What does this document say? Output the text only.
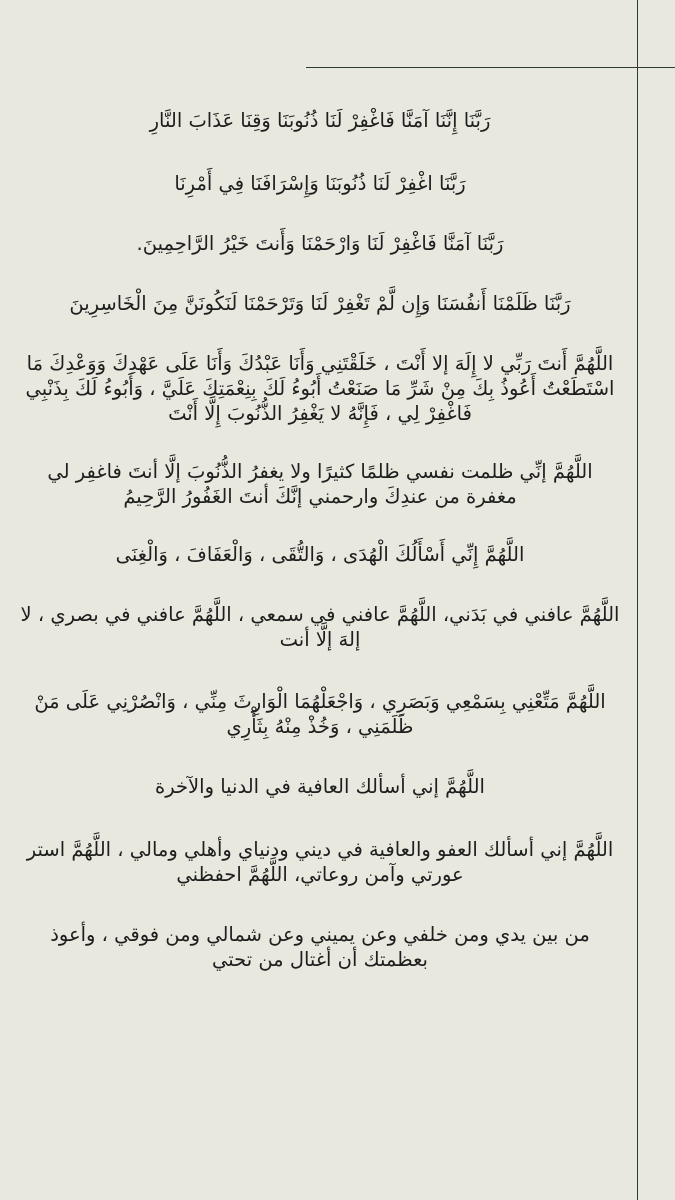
رَبَّنَا إِنَّنَا آمَنَّا فَاغْفِرْ لَنَا ذُنُوبَنَا وَقِنَا عَذَابَ النَّارِ

رَبَّنَا اغْفِرْ لَنَا ذُنُوبَنَا وَإِسْرَافَنَا فِي أَمْرِنَا

رَبَّنَا آمَنَّا فَاغْفِرْ لَنَا وَارْحَمْنَا وَأَنتَ خَيْرُ الرَّاحِمِينَ.

رَبَّنَا ظَلَمْنَا أَنفُسَنَا وَإِن لَّمْ تَغْفِرْ لَنَا وَتَرْحَمْنَا لَنَكُونَنَّ مِنَ الْخَاسِرِينَ

اللَّهُمَّ أَنتَ رَبِّي لا إِلَهَ إلا أَنْتَ ، خَلَقْتَنِي وَأَنَا عَبْدُكَ وَأَنَا عَلَى عَهْدِكَ وَوَعْدِكَ مَا اسْتَطَعْتُ أَعُوذُ بِكَ مِنْ شَرِّ مَا صَنَعْتُ أَبُوءُ لَكَ بِنِعْمَتِكَ عَلَيَّ ، وَأَبُوءُ لَكَ بِذَنْبِي فَاغْفِرْ لِي ، فَإِنَّهُ لا يَغْفِرُ الذُّنُوبَ إِلَّا أَنْتَ

اللَّهُمَّ إنِّي ظلمت نفسي ظلمًا كثيرًا ولا يغفرُ الذُّنُوبَ إلَّا أنتَ فاغفِر لي مغفرة من عندِكَ وارحمني إنَّكَ أنتَ الغَفُورُ الرَّحِيمُ

اللَّهُمَّ إِنِّي أَسْأَلُكَ الْهُدَى ، وَالتُّقَى ، وَالْعَفَافَ ، وَالْغِنَى

اللَّهُمَّ عافني في بَدَني، اللَّهُمَّ عافني في سمعي ، اللَّهُمَّ عافني في بصري ، لا إلهَ إلَّا أنت

اللَّهُمَّ مَتِّعْنِي بِسَمْعِي وَبَصَرِي ، وَاجْعَلْهُمَا الْوَارِثَ مِنِّي ، وَانْصُرْنِي عَلَى مَنْ ظَلَمَنِي ، وَخُذْ مِنْهُ بِثَأْرِي

اللَّهُمَّ إني أسألك العافية في الدنيا والآخرة

اللَّهُمَّ إني أسألك العفو والعافية في ديني ودنياي وأهلي ومالي ، اللَّهُمَّ استر عورتي وآمن روعاتي، اللَّهُمَّ احفظني

من بين يدي ومن خلفي وعن يميني وعن شمالي ومن فوقي ، وأعوذ بعظمتك أن أغتال من تحتي
